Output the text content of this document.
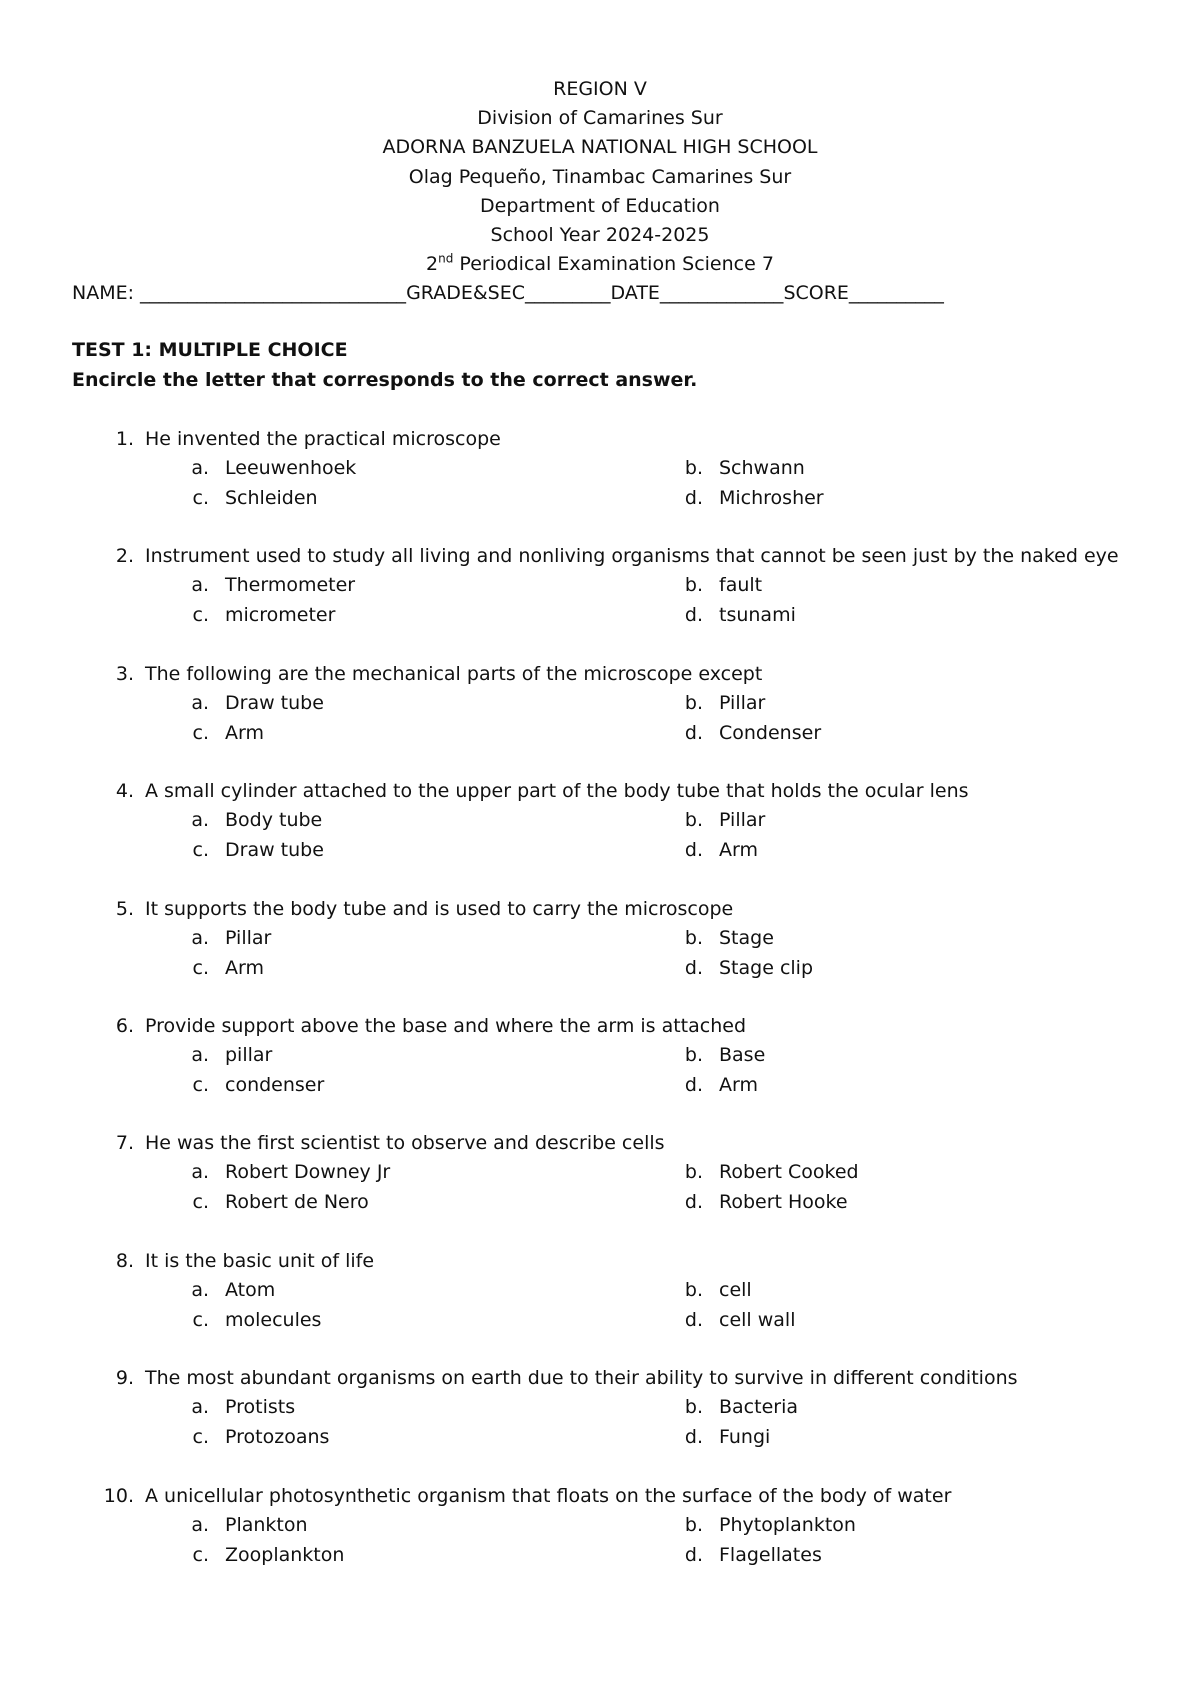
REGION V
Division of Camarines Sur
ADORNA BANZUELA NATIONAL HIGH SCHOOL
Olag Pequeño, Tinambac Camarines Sur
Department of Education
School Year 2024-2025
2nd Periodical Examination Science 7
NAME: ____________________________GRADE&SEC_________DATE_____________SCORE__________
TEST 1: MULTIPLE CHOICE
Encircle the letter that corresponds to the correct answer.
1. He invented the practical microscope
a. Leeuwenhoek	b. Schwann
c. Schleiden	d. Michrosher
2. Instrument used to study all living and nonliving organisms that cannot be seen just by the naked eye
a. Thermometer	b. fault
c. micrometer	d. tsunami
3. The following are the mechanical parts of the microscope except
a. Draw tube	b. Pillar
c. Arm	d. Condenser
4. A small cylinder attached to the upper part of the body tube that holds the ocular lens
a. Body tube	b. Pillar
c. Draw tube	d. Arm
5. It supports the body tube and is used to carry the microscope
a. Pillar	b. Stage
c. Arm	d. Stage clip
6. Provide support above the base and where the arm is attached
a. pillar	b. Base
c. condenser	d. Arm
7. He was the first scientist to observe and describe cells
a. Robert Downey Jr	b. Robert Cooked
c. Robert de Nero	d. Robert Hooke
8. It is the basic unit of life
a. Atom	b. cell
c. molecules	d. cell wall
9. The most abundant organisms on earth due to their ability to survive in different conditions
a. Protists	b. Bacteria
c. Protozoans	d. Fungi
10. A unicellular photosynthetic organism that floats on the surface of the body of water
a. Plankton	b. Phytoplankton
c. Zooplankton	d. Flagellates
